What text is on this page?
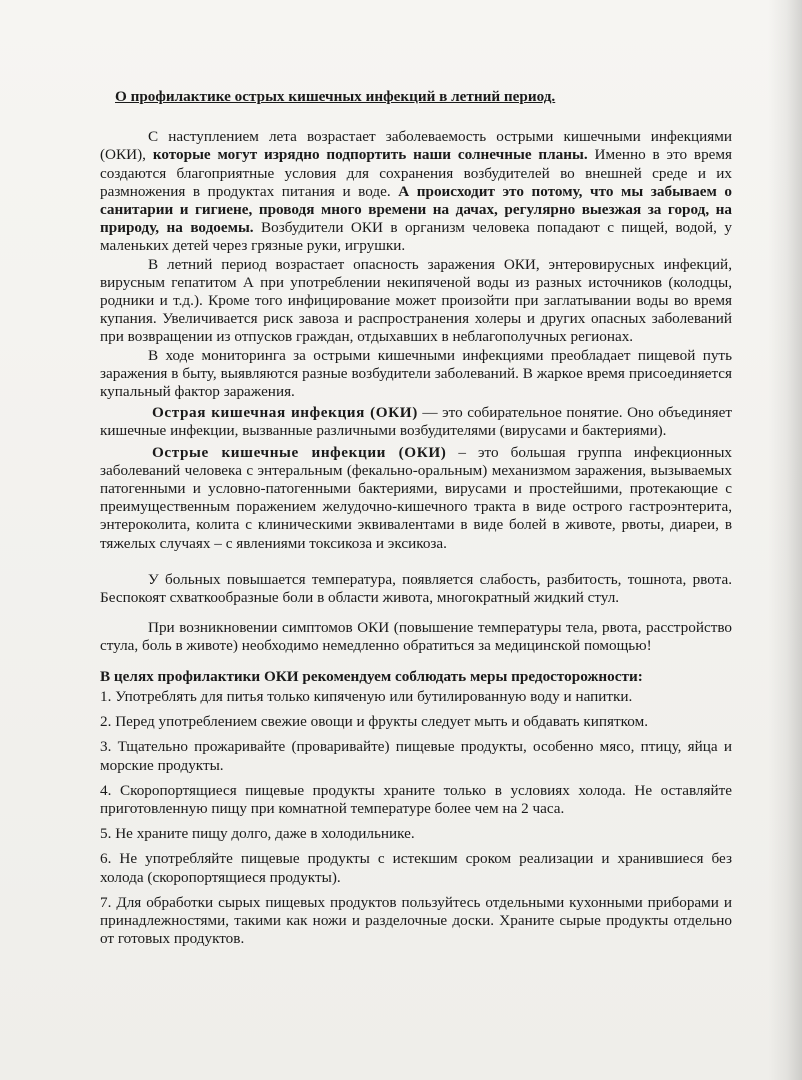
О профилактике острых кишечных инфекций в летний период.

С наступлением лета возрастает заболеваемость острыми кишечными инфекциями (ОКИ), которые могут изрядно подпортить наши солнечные планы. Именно в это время создаются благоприятные условия для сохранения возбудителей во внешней среде и их размножения в продуктах питания и воде. А происходит это потому, что мы забываем о санитарии и гигиене, проводя много времени на дачах, регулярно выезжая за город, на природу, на водоемы. Возбудители ОКИ в организм человека попадают с пищей, водой, у маленьких детей через грязные руки, игрушки.

В летний период возрастает опасность заражения ОКИ, энтеровирусных инфекций, вирусным гепатитом А при употреблении некипяченой воды из разных источников (колодцы, родники и т.д.). Кроме того инфицирование может произойти при заглатывании воды во время купания. Увеличивается риск завоза и распространения холеры и других опасных заболеваний при возвращении из отпусков граждан, отдыхавших в неблагополучных регионах.

В ходе мониторинга за острыми кишечными инфекциями преобладает пищевой путь заражения в быту, выявляются разные возбудители заболеваний. В жаркое время присоединяется купальный фактор заражения.

Острая кишечная инфекция (ОКИ) — это собирательное понятие. Оно объединяет кишечные инфекции, вызванные различными возбудителями (вирусами и бактериями).

Острые кишечные инфекции (ОКИ) – это большая группа инфекционных заболеваний человека с энтеральным (фекально-оральным) механизмом заражения, вызываемых патогенными и условно-патогенными бактериями, вирусами и простейшими, протекающие с преимущественным поражением желудочно-кишечного тракта в виде острого гастроэнтерита, энтероколита, колита с клиническими эквивалентами в виде болей в животе, рвоты, диареи, в тяжелых случаях – с явлениями токсикоза и эксикоза.

У больных повышается температура, появляется слабость, разбитость, тошнота, рвота. Беспокоят схваткообразные боли в области живота, многократный жидкий стул.

При возникновении симптомов ОКИ (повышение температуры тела, рвота, расстройство стула, боль в животе) необходимо немедленно обратиться за медицинской помощью!

В целях профилактики ОКИ рекомендуем соблюдать меры предосторожности:
1. Употреблять для питья только кипяченую или бутилированную воду и напитки.
2. Перед употреблением свежие овощи и фрукты следует мыть и обдавать кипятком.
3. Тщательно прожаривайте (проваривайте) пищевые продукты, особенно мясо, птицу, яйца и морские продукты.
4. Скоропортящиеся пищевые продукты храните только в условиях холода. Не оставляйте приготовленную пищу при комнатной температуре более чем на 2 часа.
5. Не храните пищу долго, даже в холодильнике.
6. Не употребляйте пищевые продукты с истекшим сроком реализации и хранившиеся без холода (скоропортящиеся продукты).
7. Для обработки сырых пищевых продуктов пользуйтесь отдельными кухонными приборами и принадлежностями, такими как ножи и разделочные доски. Храните сырые продукты отдельно от готовых продуктов.
